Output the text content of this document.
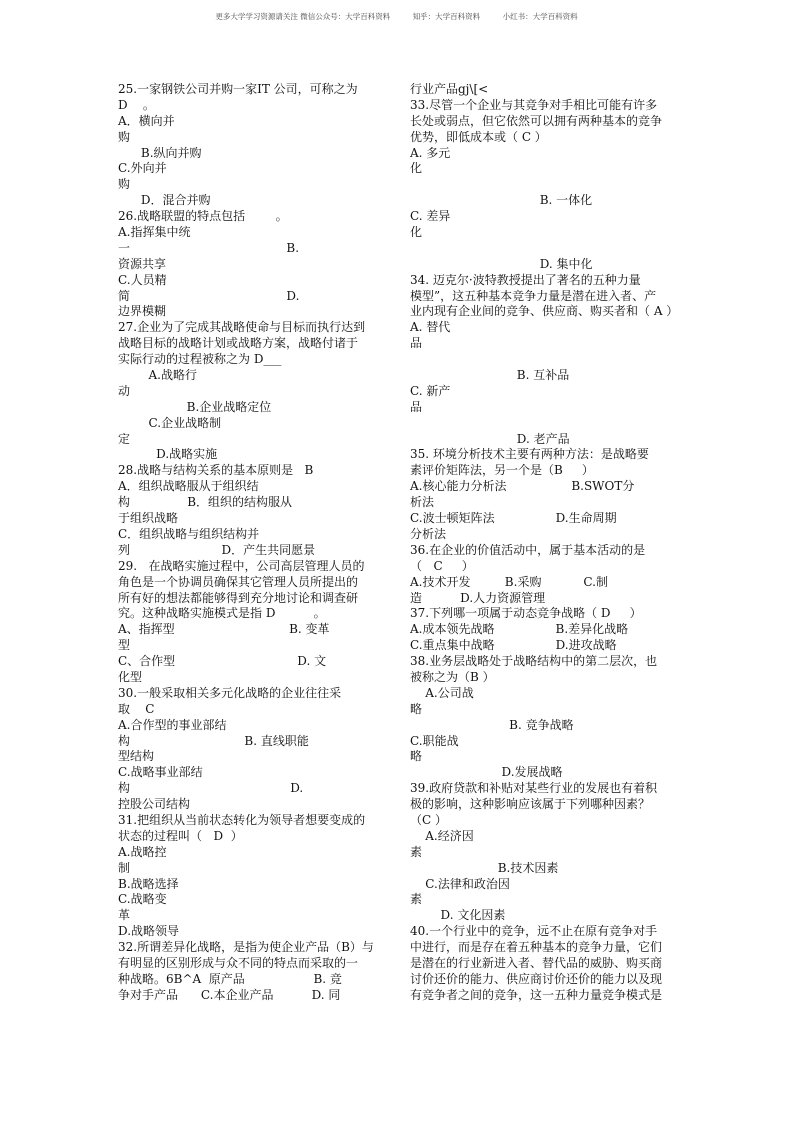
更多大学学习资源请关注 微信公众号：大学百科资料	知乎：大学百科资料	小红书：大学百科资料
25.一家钢铁公司并购一家IT 公司，可称之为
D    。
A．横向并
购
B.纵向并购
C.外向并
购
D．混合并购
26.战略联盟的特点包括        。
A.指挥集中统
一                                         B.
资源共享
C.人员精
简                                         D.
边界模糊
27.企业为了完成其战略使命与目标而执行达到
战略目标的战略计划或战略方案，战略付诸于
实际行动的过程被称之为 D___
A.战略行
动
B.企业战略定位
C.企业战略制
定
D.战略实施
28.战略与结构关系的基本原则是   B
A．组织战略服从于组织结
构               B．组织的结构服从
于组织战略
C．组织战略与组织结构并
列                        D．产生共同愿景
29.   在战略实施过程中，公司高层管理人员的
角色是一个协调员确保其它管理人员所提出的
所有好的想法都能够得到充分地讨论和调查研
究。这种战略实施模式是指 D          。
A、指挥型                              B. 变革
型
C、合作型                                D. 文
化型
30.一般采取相关多元化战略的企业往往采
取    C
A.合作型的事业部结
构                              B. 直线职能
型结构
C.战略事业部结
构                                          D.
控股公司结构
31.把组织从当前状态转化为领导者想要变成的
状态的过程叫（   D  ）
A.战略控
制
B.战略选择
C.战略变
革
D.战略领导
32.所谓差异化战略，是指为使企业产品（B）与
有明显的区别形成与众不同的特点而采取的一
种战略。6B^A  原产品                  B. 竞
争对手产品      C.本企业产品          D. 同
行业产品gj\[<
33.尽管一个企业与其竞争对手相比可能有许多
长处或弱点，但它依然可以拥有两种基本的竞争
优势，即低成本或（ C ）
A. 多元
化
B. 一体化
C. 差异
化
D. 集中化
34. 迈克尔·波特教授提出了著名的五种力量
模型”，这五种基本竞争力量是潜在进入者、产
业内现有企业间的竞争、供应商、购买者和（ A ）
A. 替代
品
B. 互补品
C. 新产
品
D. 老产品
35. 环境分析技术主要有两种方法：是战略要
素评价矩阵法，另一个是（B     ）
A.核心能力分析法                 B.SWOT分
析法
C.波士顿矩阵法                D.生命周期
分析法
36.在企业的价值活动中，属于基本活动的是
（   C     ）
A.技术开发         B.采购           C.制
造          D.人力资源管理
37.下列哪一项属于动态竞争战略（ D     ）
A.成本领先战略                B.差异化战略
C.重点集中战略                D.进攻战略
38.业务层战略处于战略结构中的第二层次，也
被称之为（B ）
A.公司战
略
B. 竞争战略
C.职能战
略
D.发展战略
39.政府贷款和补贴对某些行业的发展也有着积
极的影响，这种影响应该属于下列哪种因素？
（C ）
A.经济因
素
B.技术因素
C.法律和政治因
素
D. 文化因素
40.一个行业中的竞争，远不止在原有竞争对手
中进行，而是存在着五种基本的竞争力量，它们
是潜在的行业新进入者、替代品的威胁、购买商
讨价还价的能力、供应商讨价还价的能力以及现
有竞争者之间的竞争，这一五种力量竞争模式是
